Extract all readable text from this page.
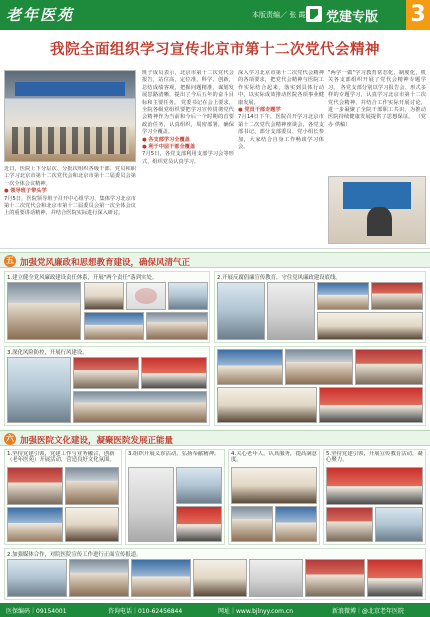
老年医苑	本版责编／ 张 霞 党建专版 3
我院全面组织学习宣传北京市第十二次党代会精神
近日，医院上下分层次、分批次组织各级干部、党员和职工学习北京市第十二次党代会和北京市第十二届委员会第一次全体会议精神。
● 领导班子带头学
7月5日，医院领导班子召开中心组学习，集体学习北京市第十二次党代会和北京市第十二届委员会第一次全体会议上的重要讲话精神，并结合医院实际进行深入研讨。
班子成员表示，北京市第十二次党代会报告，站位高，定位准，科学、创新，总结成绩客观，把握问题精准，谋划发展思路清晰，提出了今后五年的奋斗目标和主要任务。 党委书记在会上要求，全院各级党组织要把学习宣传贯彻党代会精神作为当前和今后一个时期的首要政治任务，认真组织，周密部署，确保学习全覆盖。
● 各支部学习全覆盖
● 利于中层干部全覆盖
7月5日，各党支部利用支部学习会等形式，组织党员认真学习。
深入学习北京市第十二次党代会精神的各项要求，把党代会精神与医院工作实际结合起来，落实到具体行动中，以实际成效推动医院各项事业健康发展。
● 党员干部专题学
7月14日下午，医院召开学习北京市第十二次党代会精神座谈会，各党支部书记、部分支部委员、党小组长参加，大家结合自身工作畅谈学习体会。
"两学一做"学习教育常态化、制度化，机关各支部组织开展了党代会精神专题学习。 各党支部分别以学习报告会、形式多样的专题学习，认真学习北京市第十二次党代会精神，并结合工作实际开展讨论，进一步凝聚了全院干部职工共识，为推动医院持续健康发展提供了思想保证。 （党办 供稿）
五 加强党风廉政和思想教育建设，确保风清气正
1.建立健全党风廉政建设责任体系，开展"两个责任"落到实处。	2.开展反腐倡廉宣传教育，守住党风廉政建设底线。
3.深化风险防控，开展行风建设。
六 加强医院文化建设，凝聚医院发展正能量
1.坚持党建引领，党建工作与业务融合，创新（老年医苑）开展活动，营造良好文化氛围。
3.组织开展义诊活动，弘扬奉献精神。	4.关心老年人，认真服务，提高满意度。
5.坚持党建引领，开展宣传教育活动，凝心聚力。
2.加强媒体合作，对院医院宣传工作进行正面宣传报道。
医保编码｜09154001	咨询电话｜010-62456844	网址｜www.bjlnyy.com.cn	新浪微博｜@北京老年医院
